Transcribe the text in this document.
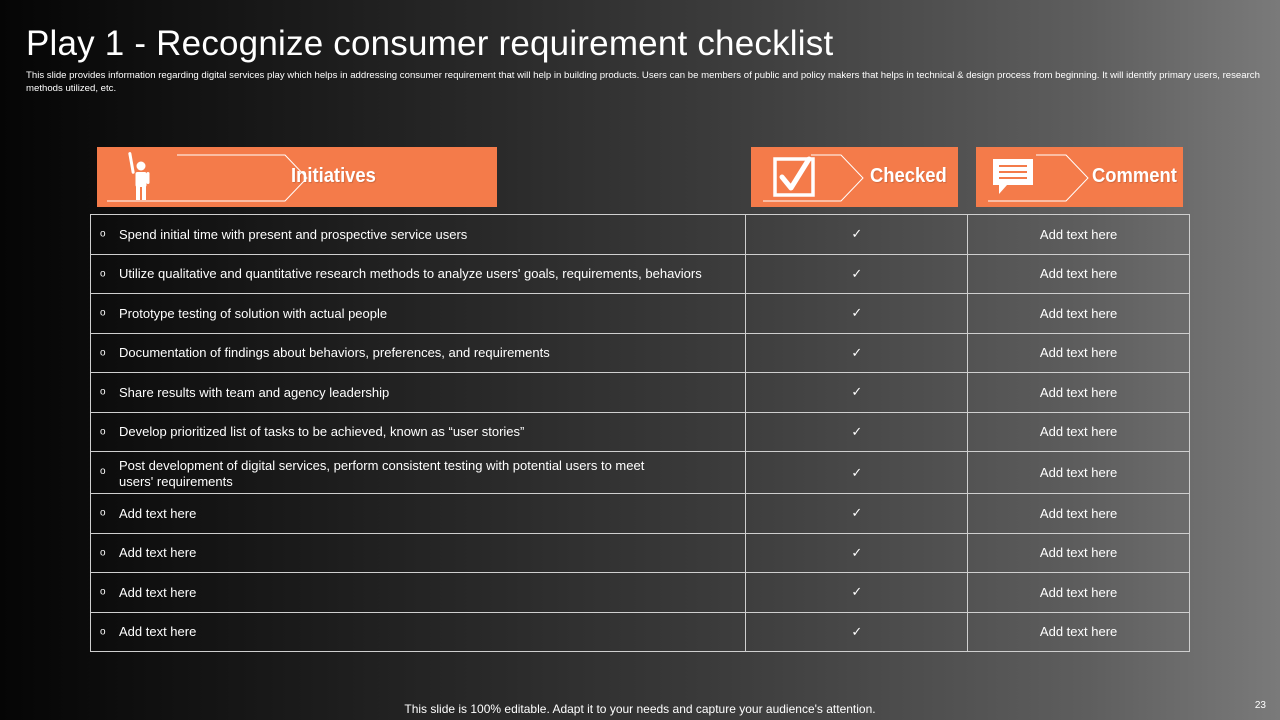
Play 1 - Recognize consumer requirement checklist
This slide provides information regarding digital services play which helps in addressing consumer requirement that will help in building products. Users can be members of public and policy makers that helps in technical & design process from beginning. It will identify primary users, research methods utilized, etc.
Initiatives	Checked	Comment
o Spend initial time with present and prospective service users	✓	Add text here

o Utilize qualitative and quantitative research methods to analyze users' goals, requirements, behaviors	✓	Add text here

o Prototype testing of solution with actual people	✓	Add text here

o Documentation of findings about behaviors, preferences, and requirements	✓	Add text here

o Share results with team and agency leadership	✓	Add text here

o Develop prioritized list of tasks to be achieved, known as “user stories”	✓	Add text here

o Post development of digital services, perform consistent testing with potential users to meet
users' requirements	✓	Add text here

o Add text here	✓	Add text here

o Add text here	✓	Add text here

o Add text here	✓	Add text here

o Add text here	✓	Add text here
This slide is 100% editable. Adapt it to your needs and capture your audience's attention.	23
